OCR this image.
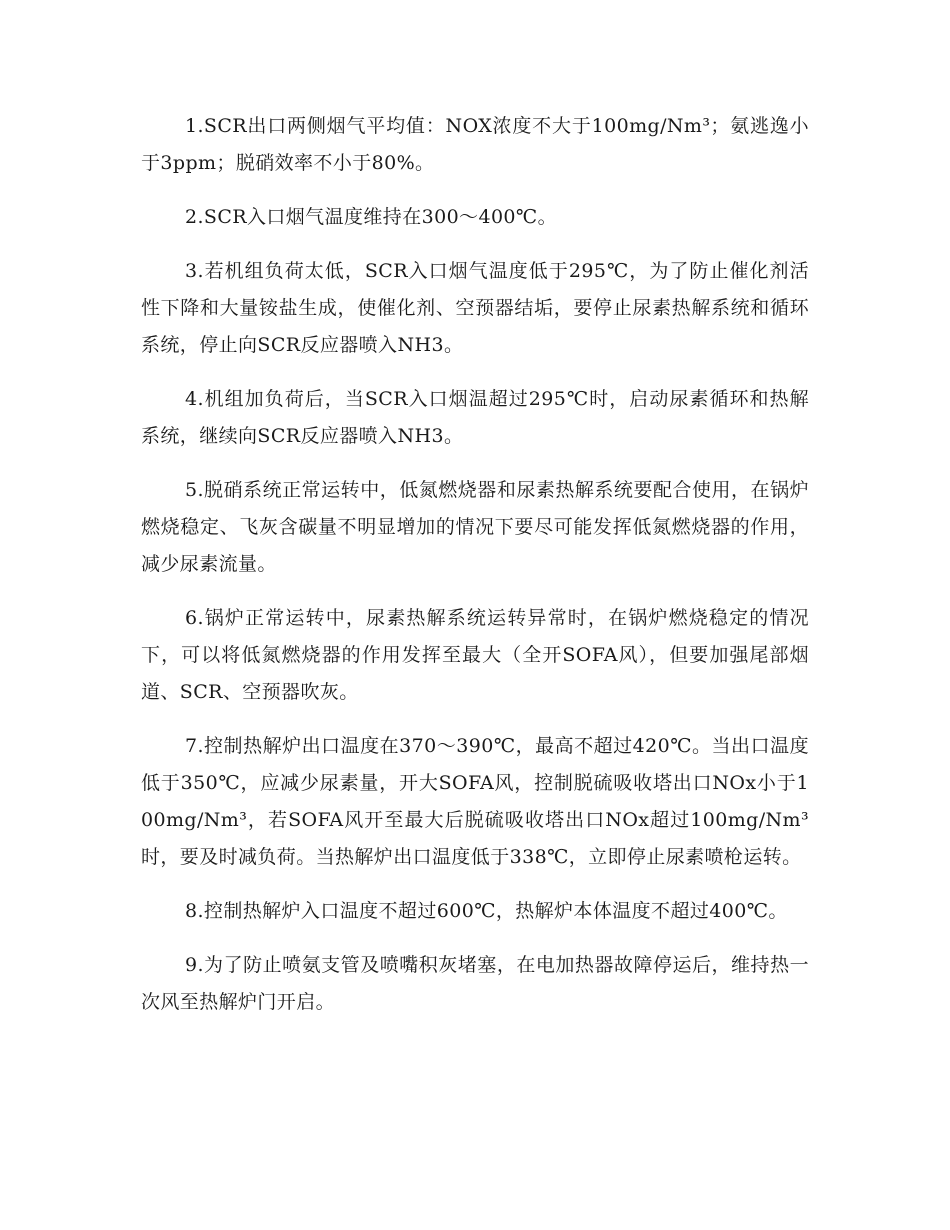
1.SCR出口两侧烟气平均值：NOX浓度不大于100mg/Nm³；氨逃逸小于3ppm；脱硝效率不小于80%。

2.SCR入口烟气温度维持在300～400℃。

3.若机组负荷太低，SCR入口烟气温度低于295℃，为了防止催化剂活性下降和大量铵盐生成，使催化剂、空预器结垢，要停止尿素热解系统和循环系统，停止向SCR反应器喷入NH3。

4.机组加负荷后，当SCR入口烟温超过295℃时，启动尿素循环和热解系统，继续向SCR反应器喷入NH3。

5.脱硝系统正常运转中，低氮燃烧器和尿素热解系统要配合使用，在锅炉燃烧稳定、飞灰含碳量不明显增加的情况下要尽可能发挥低氮燃烧器的作用，减少尿素流量。

6.锅炉正常运转中，尿素热解系统运转异常时，在锅炉燃烧稳定的情况下，可以将低氮燃烧器的作用发挥至最大（全开SOFA风），但要加强尾部烟道、SCR、空预器吹灰。

7.控制热解炉出口温度在370～390℃，最高不超过420℃。当出口温度低于350℃，应减少尿素量，开大SOFA风，控制脱硫吸收塔出口NOx小于100mg/Nm³，若SOFA风开至最大后脱硫吸收塔出口NOx超过100mg/Nm³时，要及时减负荷。当热解炉出口温度低于338℃，立即停止尿素喷枪运转。

8.控制热解炉入口温度不超过600℃，热解炉本体温度不超过400℃。

9.为了防止喷氨支管及喷嘴积灰堵塞，在电加热器故障停运后，维持热一次风至热解炉门开启。
